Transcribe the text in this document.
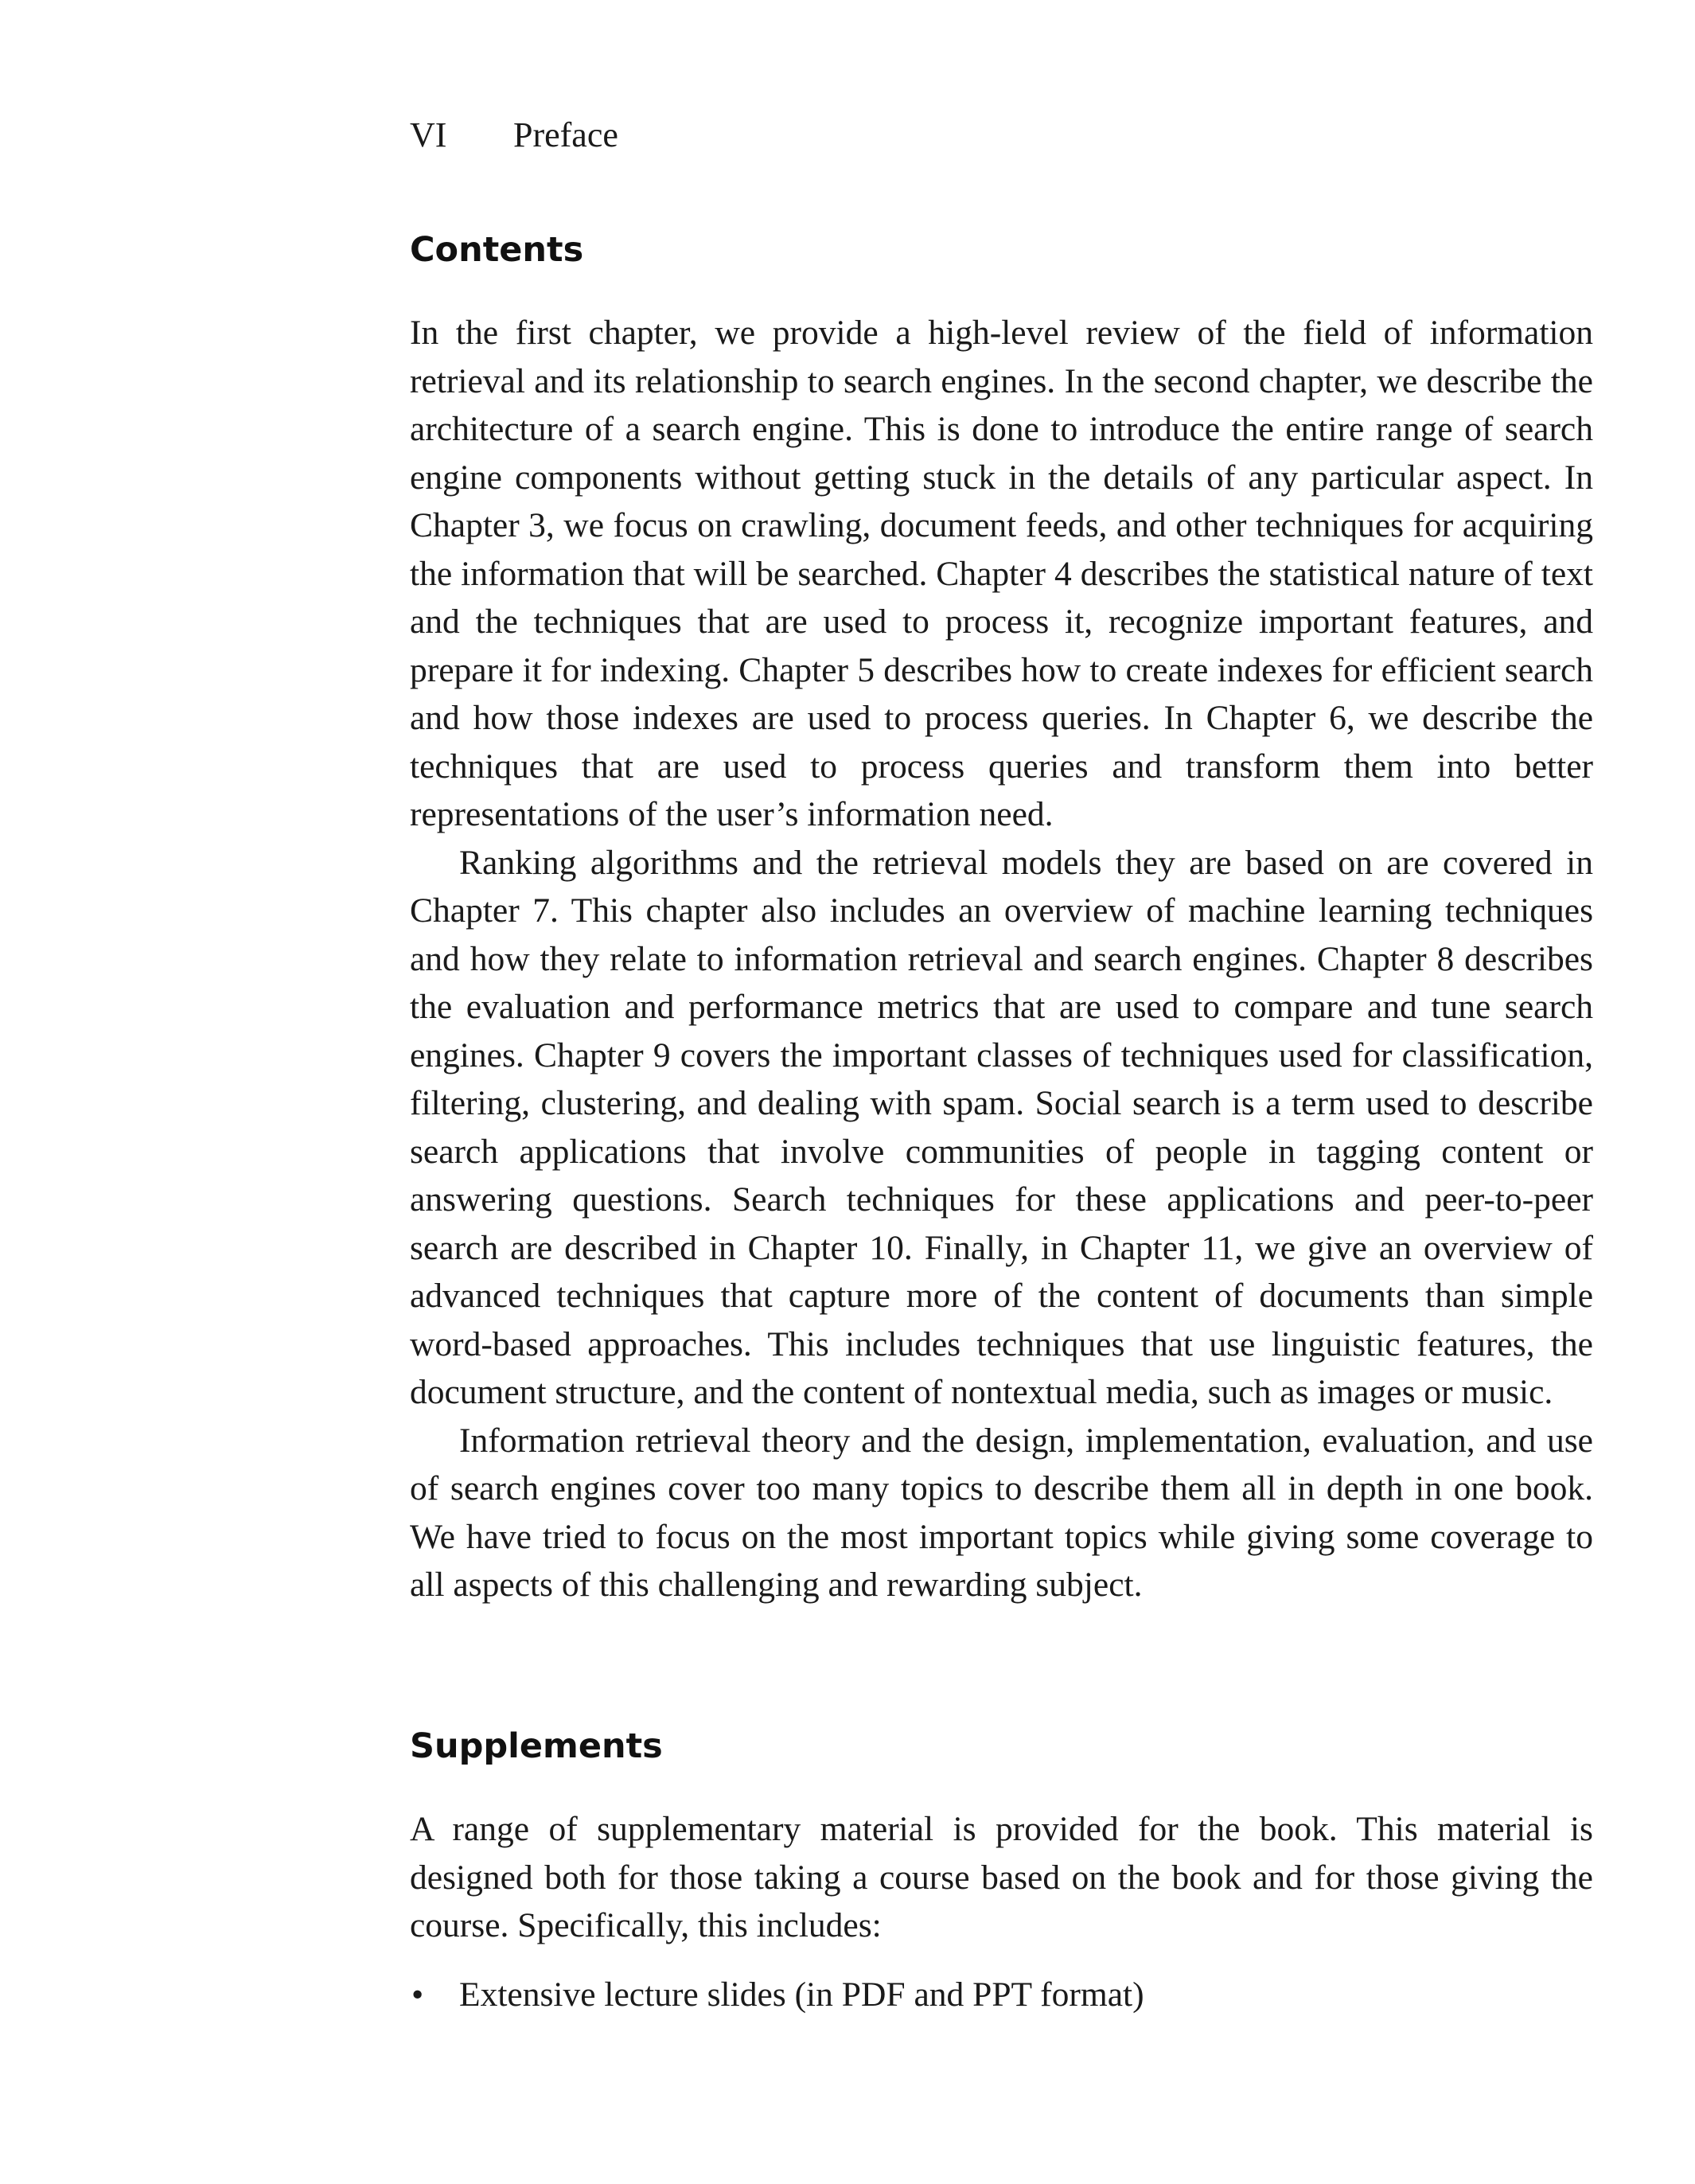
VI Preface
Contents

In the first chapter, we provide a high-level review of the field of information retrieval and its relationship to search engines. In the second chapter, we describe the architecture of a search engine. This is done to introduce the entire range of search engine components without getting stuck in the details of any particular aspect. In Chapter 3, we focus on crawling, document feeds, and other techniques for acquiring the information that will be searched. Chapter 4 describes the statistical nature of text and the techniques that are used to process it, recognize important features, and prepare it for indexing. Chapter 5 describes how to create indexes for efficient search and how those indexes are used to process queries. In Chapter 6, we describe the techniques that are used to process queries and transform them into better representations of the user’s information need.

Ranking algorithms and the retrieval models they are based on are covered in Chapter 7. This chapter also includes an overview of machine learning techniques and how they relate to information retrieval and search engines. Chapter 8 describes the evaluation and performance metrics that are used to compare and tune search engines. Chapter 9 covers the important classes of techniques used for classification, filtering, clustering, and dealing with spam. Social search is a term used to describe search applications that involve communities of people in tagging content or answering questions. Search techniques for these applications and peer-to-peer search are described in Chapter 10. Finally, in Chapter 11, we give an overview of advanced techniques that capture more of the content of documents than simple word-based approaches. This includes techniques that use linguistic features, the document structure, and the content of nontextual media, such as images or music.

Information retrieval theory and the design, implementation, evaluation, and use of search engines cover too many topics to describe them all in depth in one book. We have tried to focus on the most important topics while giving some coverage to all aspects of this challenging and rewarding subject.

Supplements

A range of supplementary material is provided for the book. This material is designed both for those taking a course based on the book and for those giving the course. Specifically, this includes:

• Extensive lecture slides (in PDF and PPT format)
